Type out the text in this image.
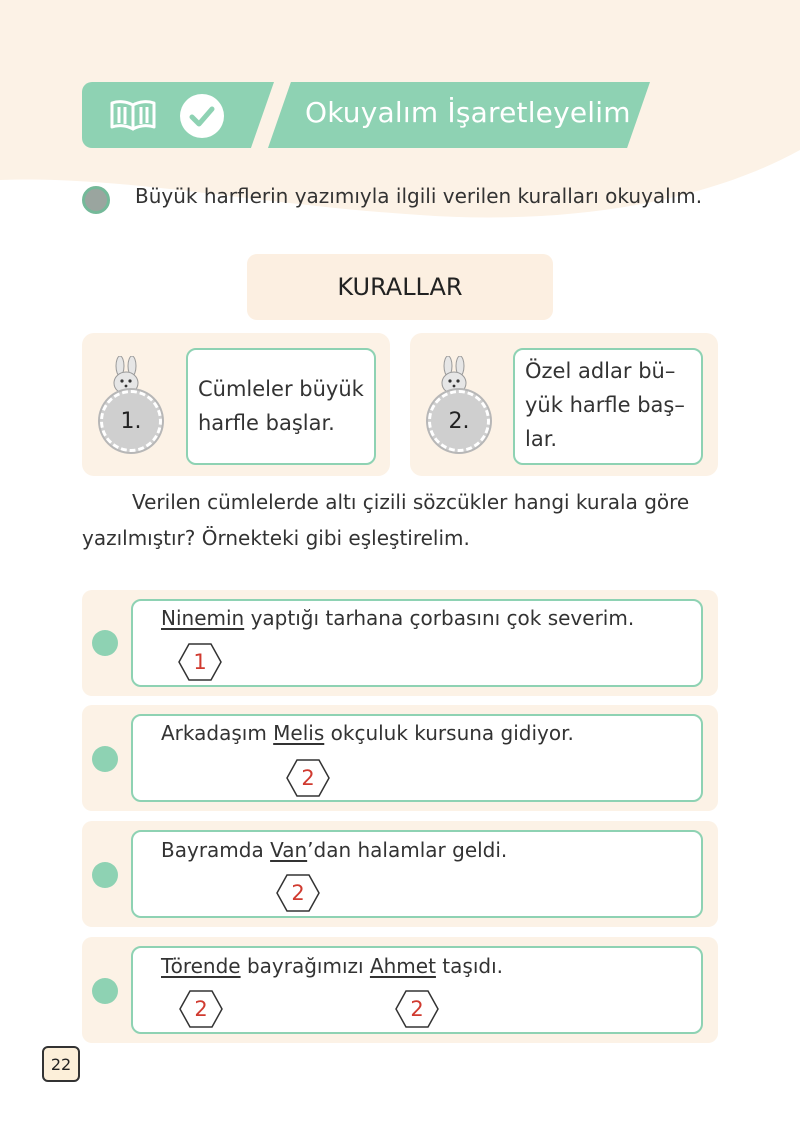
Okuyalım İşaretleyelim
Büyük harflerin yazımıyla ilgili verilen kuralları okuyalım.
KURALLAR
1.
Cümleler büyük
harfle başlar.	2.
Özel adlar bü–
yük harfle baş–
lar.
Verilen cümlelerde altı çizili sözcükler hangi kurala göre
yazılmıştır? Örnekteki gibi eşleştirelim.
Ninemin yaptığı tarhana çorbasını çok severim.
1
Arkadaşım Melis okçuluk kursuna gidiyor.
2
Bayramda Van’dan halamlar geldi.
2
Törende bayrağımızı Ahmet taşıdı.
2	2
22
